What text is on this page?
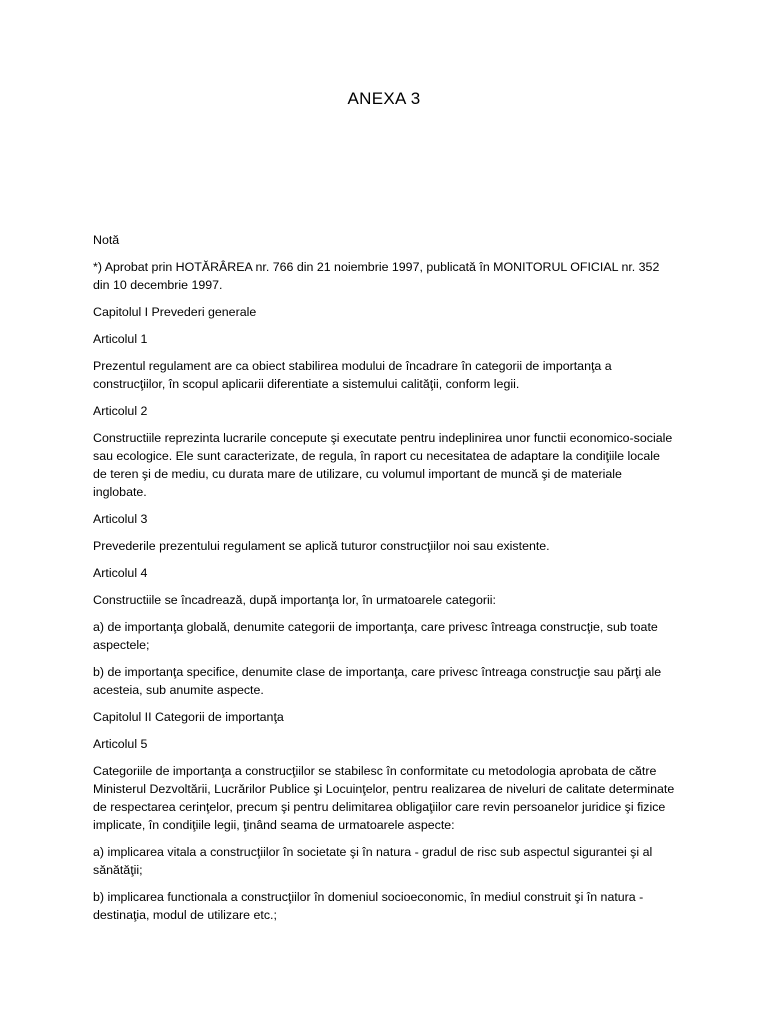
ANEXA 3

Notă

*) Aprobat prin HOTĂRÂREA nr. 766 din 21 noiembrie 1997, publicată în MONITORUL OFICIAL nr. 352 din 10 decembrie 1997.

Capitolul I Prevederi generale

Articolul 1

Prezentul regulament are ca obiect stabilirea modului de încadrare în categorii de importanţa a construcţiilor, în scopul aplicarii diferentiate a sistemului calităţii, conform legii.

Articolul 2

Constructiile reprezinta lucrarile concepute şi executate pentru indeplinirea unor functii economico-sociale sau ecologice. Ele sunt caracterizate, de regula, în raport cu necesitatea de adaptare la condiţiile locale de teren şi de mediu, cu durata mare de utilizare, cu volumul important de muncă şi de materiale inglobate.

Articolul 3

Prevederile prezentului regulament se aplică tuturor construcţiilor noi sau existente.

Articolul 4

Constructiile se încadrează, după importanţa lor, în urmatoarele categorii:

a) de importanţa globală, denumite categorii de importanţa, care privesc întreaga construcţie, sub toate aspectele;

b) de importanţa specifice, denumite clase de importanţa, care privesc întreaga construcţie sau părţi ale acesteia, sub anumite aspecte.

Capitolul II Categorii de importanţa

Articolul 5

Categoriile de importanţa a construcţiilor se stabilesc în conformitate cu metodologia aprobata de către Ministerul Dezvoltării, Lucrărilor Publice şi Locuinţelor, pentru realizarea de niveluri de calitate determinate de respectarea cerinţelor, precum şi pentru delimitarea obligaţiilor care revin persoanelor juridice şi fizice implicate, în condiţiile legii, ţinând seama de urmatoarele aspecte:

a) implicarea vitala a construcţiilor în societate şi în natura - gradul de risc sub aspectul sigurantei şi al sănătăţii;

b) implicarea functionala a construcţiilor în domeniul socioeconomic, în mediul construit şi în natura - destinaţia, modul de utilizare etc.;
